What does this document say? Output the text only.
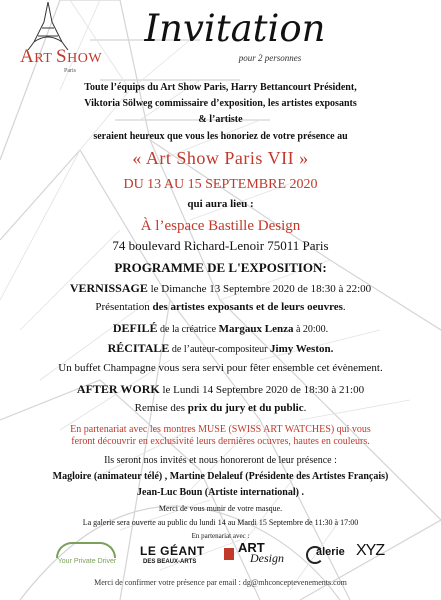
ART SHOW
Paris
Invitation
pour 2 personnes
Toute l’équips du Art Show Paris, Harry Bettancourt Président,
Viktoria Sölweg commissaire d’exposition, les artistes exposants
& l’artiste
seraient heureux que vous les honoriez de votre présence au
« Art Show Paris VII »
DU 13 AU 15 SEPTEMBRE 2020
qui aura lieu :
À l’espace Bastille Design
74 boulevard Richard-Lenoir 75011 Paris
PROGRAMME DE L'EXPOSITION:
VERNISSAGE le Dimanche 13 Septembre 2020 de 18:30 à 22:00
Présentation des artistes exposants et de leurs oeuvres.
DEFILÉ de la créatrice Margaux Lenza à 20:00.
RÉCITALE de l’auteur-compositeur Jimy Weston.
Un buffet Champagne vous sera servi pour fêter ensemble cet évènement.
AFTER WORK le Lundi 14 Septembre 2020 de 18:30 à 21:00
Remise des prix du jury et du public.
En partenariat avec les montres MUSE (SWISS ART WATCHES) qui vous
feront découvrir en exclusivité leurs dernières ocuvres, hautes en couleurs.
Ils seront nos invités et nous honoreront de leur présence :
Magloire (animateur télé) , Martine Delaleuf (Présidente des Artistes Français)
Jean-Luc Boun (Artiste international) .
Merci de vous munir de votre masque.
La galerie sera ouverte au public du lundi 14 au Mardi 15 Septembre de 11:30 à 17:00
En partenariat avec :
Your Private Driver
LE GÉANT
DES BEAUX-ARTS
ART
Design	alerie XYZ
Merci de confirmer votre présence par email : dg@mhconceptevenements.com
